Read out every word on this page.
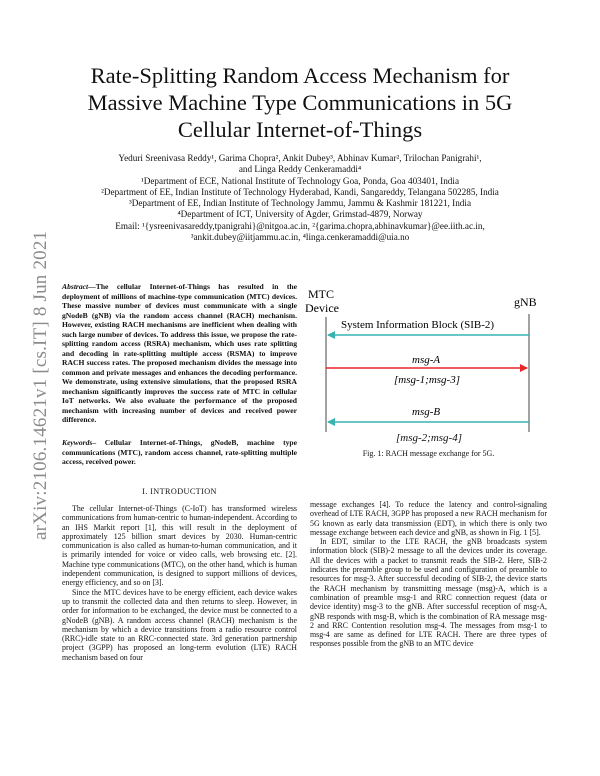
arXiv:2106.14621v1 [cs.IT] 8 Jun 2021
Rate-Splitting Random Access Mechanism for Massive Machine Type Communications in 5G Cellular Internet-of-Things
Yeduri Sreenivasa Reddy¹, Garima Chopra², Ankit Dubey³, Abhinav Kumar², Trilochan Panigrahi¹,
and Linga Reddy Cenkeramaddi⁴
¹Department of ECE, National Institute of Technology Goa, Ponda, Goa 403401, India
²Department of EE, Indian Institute of Technology Hyderabad, Kandi, Sangareddy, Telangana 502285, India
³Department of EE, Indian Institute of Technology Jammu, Jammu & Kashmir 181221, India
⁴Department of ICT, University of Agder, Grimstad-4879, Norway
Email: ¹{ysreenivasareddy,tpanigrahi}@nitgoa.ac.in, ²{garima.chopra,abhinavkumar}@ee.iith.ac.in,
³ankit.dubey@iitjammu.ac.in, ⁴linga.cenkeramaddi@uia.no
Abstract—The cellular Internet-of-Things has resulted in the deployment of millions of machine-type communication (MTC) devices. These massive number of devices must communicate with a single gNodeB (gNB) via the random access channel (RACH) mechanism. However, existing RACH mechanisms are inefficient when dealing with such large number of devices. To address this issue, we propose the rate-splitting random access (RSRA) mechanism, which uses rate splitting and decoding in rate-splitting multiple access (RSMA) to improve RACH success rates. The proposed mechanism divides the message into common and private messages and enhances the decoding performance. We demonstrate, using extensive simulations, that the proposed RSRA mechanism significantly improves the success rate of MTC in cellular IoT networks. We also evaluate the performance of the proposed mechanism with increasing number of devices and received power difference.
Keywords– Cellular Internet-of-Things, gNodeB, machine type communications (MTC), random access channel, rate-splitting multiple access, received power.
I. INTRODUCTION

The cellular Internet-of-Things (C-IoT) has transformed wireless communications from human-centric to human-independent. According to an IHS Markit report [1], this will result in the deployment of approximately 125 billion smart devices by 2030. Human-centric communication is also called as human-to-human communication, and it is primarily intended for voice or video calls, web browsing etc. [2]. Machine type communications (MTC), on the other hand, which is human independent communication, is designed to support millions of devices, energy efficiency, and so on [3].

Since the MTC devices have to be energy efficient, each device wakes up to transmit the collected data and then returns to sleep. However, in order for information to be exchanged, the device must be connected to a gNodeB (gNB). A random access channel (RACH) mechanism is the mechanism by which a device transitions from a radio resource control (RRC)-idle state to an RRC-connected state. 3rd generation partnership project (3GPP) has proposed an long-term evolution (LTE) RACH mechanism based on four

MTC
Device	gNB
System Information Block (SIB-2)
msg-A
[msg-1;msg-3]
msg-B
[msg-2;msg-4]
Fig. 1: RACH message exchange for 5G.

message exchanges [4]. To reduce the latency and control-signaling overhead of LTE RACH, 3GPP has proposed a new RACH mechanism for 5G known as early data transmission (EDT), in which there is only two message exchange between each device and gNB, as shown in Fig. 1 [5].

In EDT, similar to the LTE RACH, the gNB broadcasts system information block (SIB)-2 message to all the devices under its coverage. All the devices with a packet to transmit reads the SIB-2. Here, SIB-2 indicates the preamble group to be used and configuration of preamble to resources for msg-3. After successful decoding of SIB-2, the device starts the RACH mechanism by transmitting message (msg)-A, which is a combination of preamble msg-1 and RRC connection request (data or device identity) msg-3 to the gNB. After successful reception of msg-A, gNB responds with msg-B, which is the combination of RA message msg-2 and RRC Contention resolution msg-4. The messages from msg-1 to msg-4 are same as defined for LTE RACH. There are three types of responses possible from the gNB to an MTC device
